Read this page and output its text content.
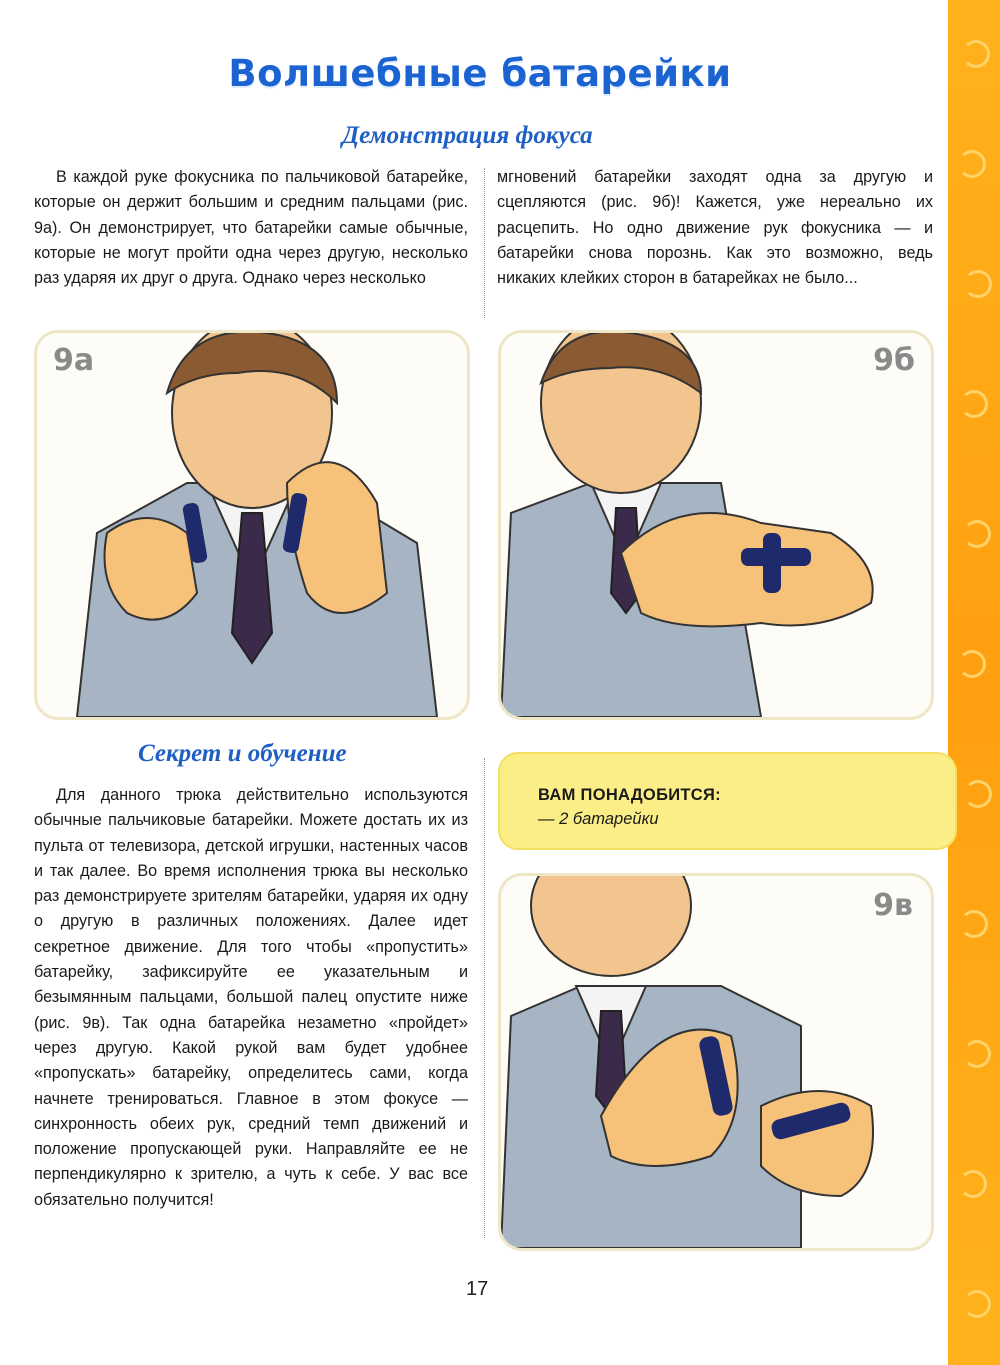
Волшебные батарейки
Демонстрация фокуса

В каждой руке фокусника по пальчиковой батарейке, которые он держит большим и средним пальцами (рис. 9а). Он демонстрирует, что батарейки самые обычные, которые не могут пройти одна через другую, несколько раз ударяя их друг о друга. Однако через несколько

мгновений батарейки заходят одна за другую и сцепляются (рис. 9б)! Кажется, уже нереально их расцепить. Но одно движение рук фокусника — и батарейки снова порознь. Как это возможно, ведь никаких клейких сторон в батарейках не было...

9а	9б
Секрет и обучение

Для данного трюка действительно используются обычные пальчиковые батарейки. Можете достать их из пульта от телевизора, детской игрушки, настенных часов и так далее. Во время исполнения трюка вы несколько раз демонстрируете зрителям батарейки, ударяя их одну о другую в различных положениях. Далее идет секретное движение. Для того чтобы «пропустить» батарейку, зафиксируйте ее указательным и безымянным пальцами, большой палец опустите ниже (рис. 9в). Так одна батарейка незаметно «пройдет» через другую. Какой рукой вам будет удобнее «пропускать» батарейку, определитесь сами, когда начнете тренироваться. Главное в этом фокусе — синхронность обеих рук, средний темп движений и положение пропускающей руки. Направляйте ее не перпендикулярно к зрителю, а чуть к себе. У вас все обязательно получится!

ВАМ ПОНАДОБИТСЯ:
— 2 батарейки
9в
17
